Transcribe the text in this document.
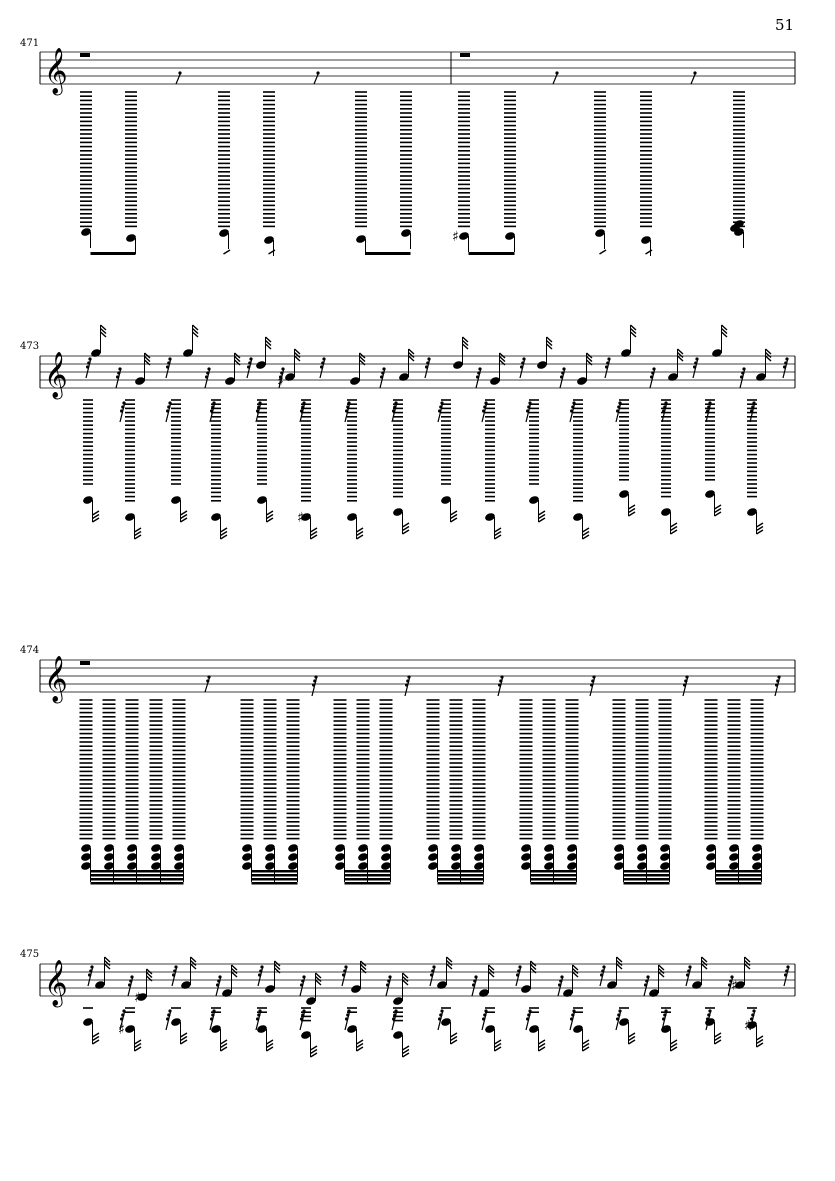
51
471
473
474
475
𝄞
♯
𝄞	♯
♯
𝄞
𝄞	♯
♯
♯	♯
